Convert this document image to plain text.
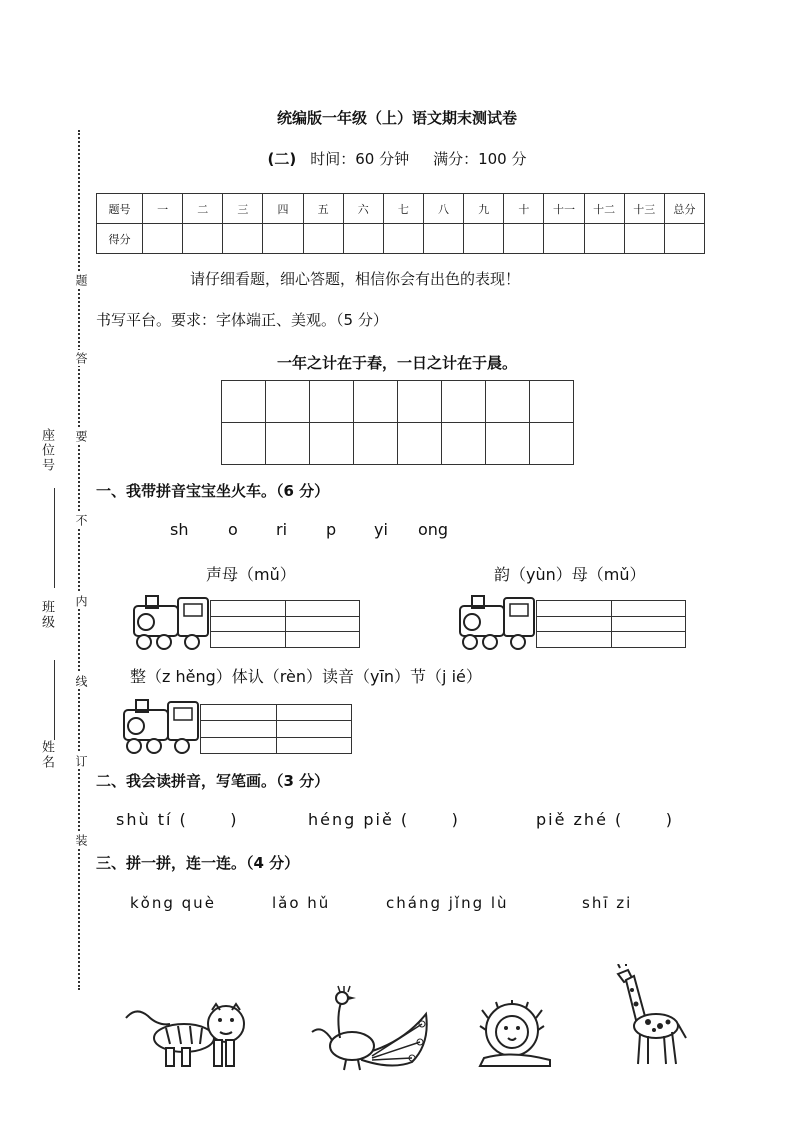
题
答
要
不
内
线
订
装
座位号
班级
姓名
统编版一年级（上）语文期末测试卷
(二) 时间：60 分钟 满分：100 分
题号	一	二	三	四	五	六	七	八	九	十	十一	十二	十三	总分
得分														
请仔细看题，细心答题，相信你会有出色的表现！
书写平台。要求：字体端正、美观。（5 分）
一年之计在于春，一日之计在于晨。

一、我带拼音宝宝坐火车。（6 分）
sh o ri p yi ong
声母（mǔ）	韵（yùn）母（mǔ）

整（z hěng）体认（rèn）读音（yīn）节（j ié）

二、我会读拼音，写笔画。（3 分）
shù tí (      )	héng piě (      )	piě zhé (      )
三、拼一拼，连一连。（4 分）
kǒng què	lǎo hǔ	cháng jǐng lù	shī zi
